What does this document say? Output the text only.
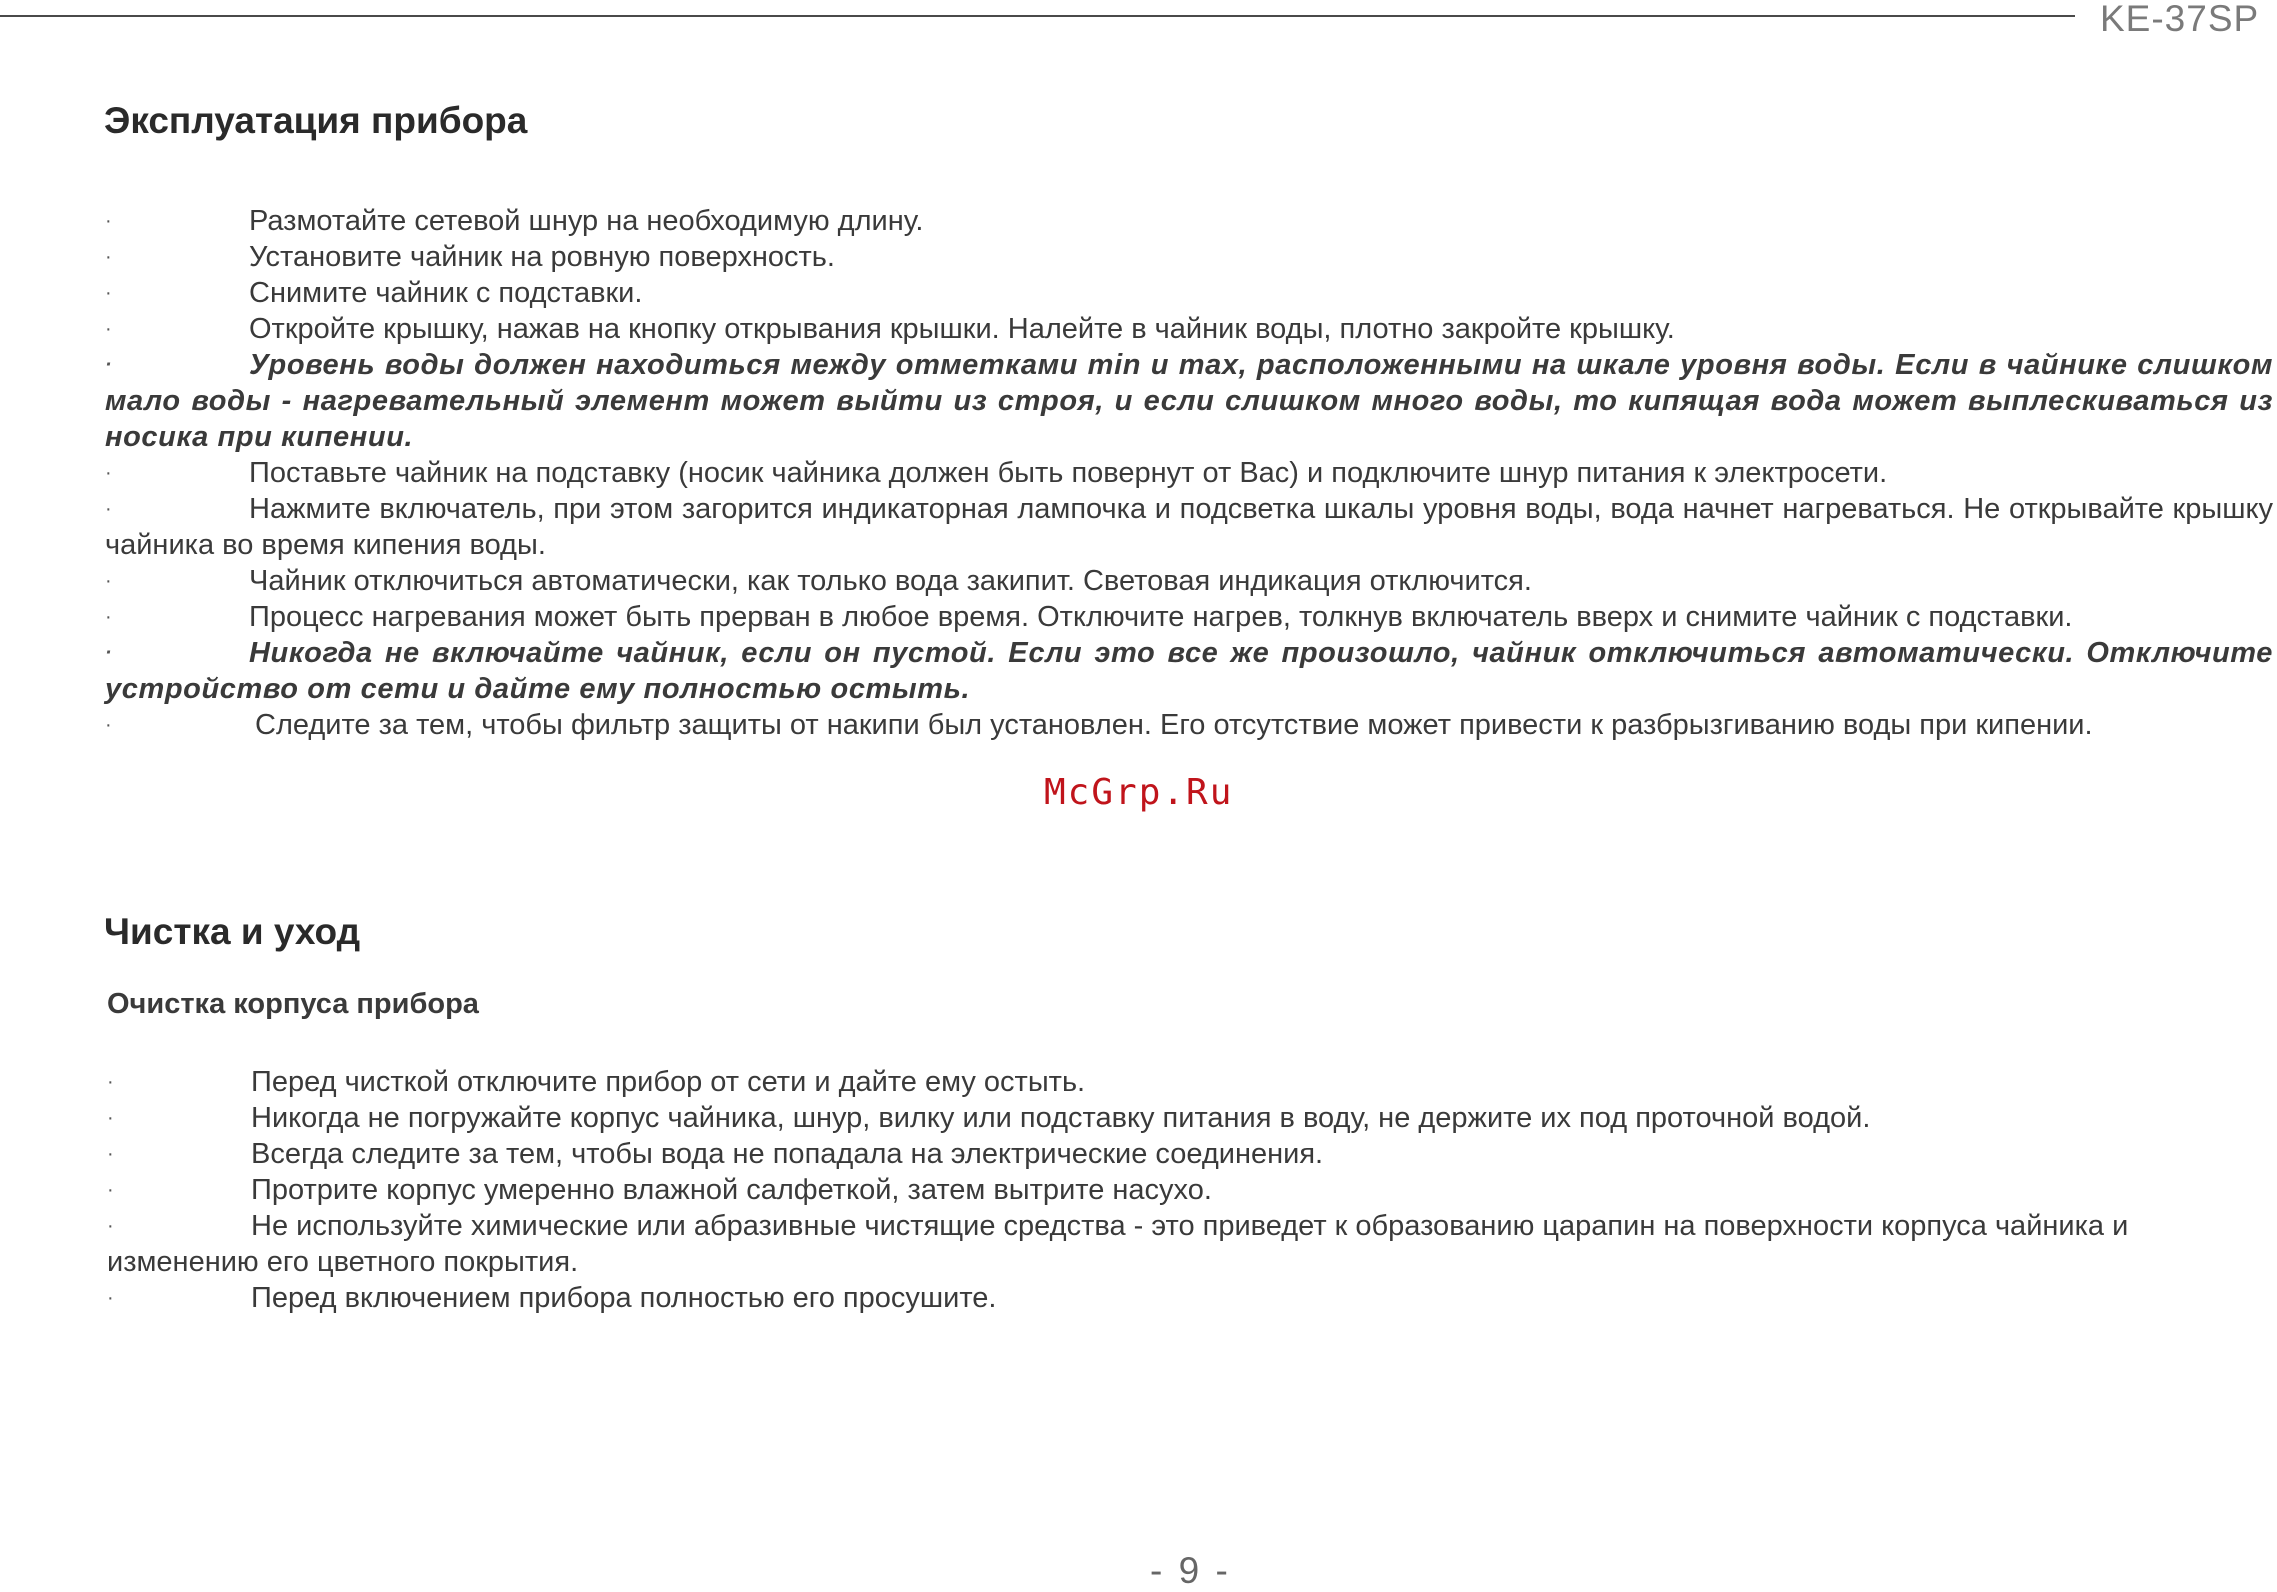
KE-37SP
Эксплуатация прибора
·	Размотайте сетевой шнур на необходимую длину.
·	Установите чайник на ровную поверхность.
·	Снимите чайник с подставки.
·	Откройте крышку, нажав на кнопку открывания крышки. Налейте в чайник воды, плотно закройте крышку.
·	Уровень воды должен находиться между отметками min и max, расположенными на шкале уровня воды. Если в чайнике слишком мало воды - нагревательный элемент может выйти из строя, и если слишком много воды, то кипящая вода может выплескиваться из носика при кипении.
·	Поставьте чайник на подставку (носик чайника должен быть повернут от Вас) и подключите шнур питания к электросети.
·	Нажмите включатель, при этом загорится индикаторная лампочка и подсветка шкалы уровня воды, вода начнет нагреваться. Не открывайте крышку чайника во время кипения воды.
·	Чайник отключиться автоматически, как только вода закипит. Световая индикация отключится.
·	Процесс нагревания может быть прерван в любое время. Отключите нагрев, толкнув включатель вверх и снимите чайник с подставки.
·	Никогда не включайте чайник, если он пустой. Если это все же произошло, чайник отключиться автоматически. Отключите устройство от сети и дайте ему полностью остыть.
·	Следите за тем, чтобы фильтр защиты от накипи был установлен. Его отсутствие может привести к разбрызгиванию воды при кипении.
McGrp.Ru
Чистка и уход
Очистка корпуса прибора
·	Перед чисткой отключите прибор от сети и дайте ему остыть.
·	Никогда не погружайте корпус чайника, шнур, вилку или подставку питания в воду, не держите их под проточной водой.
·	Всегда следите за тем, чтобы вода не попадала на электрические соединения.
·	Протрите корпус умеренно влажной салфеткой, затем вытрите насухо.
·	Не используйте химические или абразивные чистящие средства - это приведет к образованию царапин на поверхности корпуса чайника и изменению его цветного покрытия.
·	Перед включением прибора полностью его просушите.
- 9 -
